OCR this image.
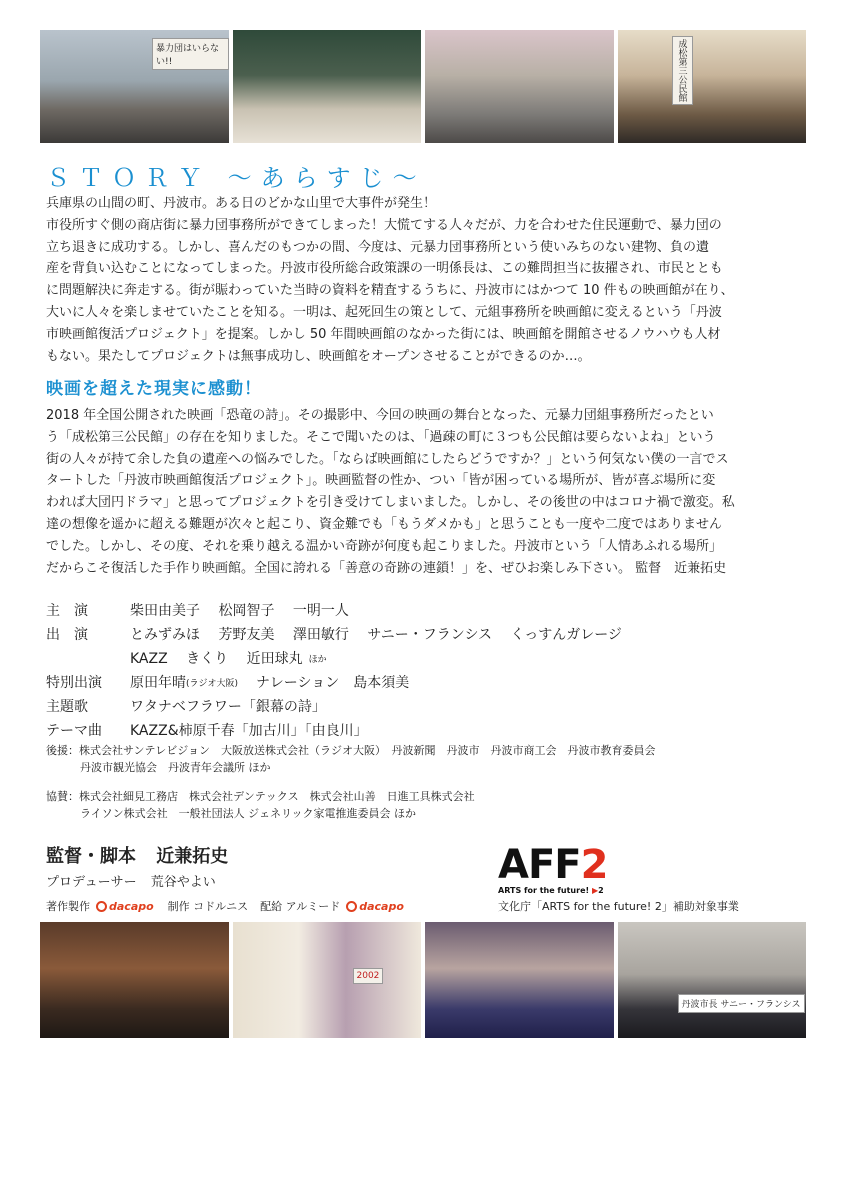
暴力団はいらない!!	成松第三公民館
ＳＴＯＲＹ ～あらすじ～
兵庫県の山間の町、丹波市。ある日のどかな山里で大事件が発生！
市役所すぐ側の商店街に暴力団事務所ができてしまった！大慌てする人々だが、力を合わせた住民運動で、暴力団の
立ち退きに成功する。しかし、喜んだのもつかの間、今度は、元暴力団事務所という使いみちのない建物、負の遺
産を背負い込むことになってしまった。丹波市役所総合政策課の一明係長は、この難問担当に抜擢され、市民ととも
に問題解決に奔走する。街が賑わっていた当時の資料を精査するうちに、丹波市にはかつて 10 件もの映画館が在り、
大いに人々を楽しませていたことを知る。一明は、起死回生の策として、元組事務所を映画館に変えるという「丹波
市映画館復活プロジェクト」を提案。しかし 50 年間映画館のなかった街には、映画館を開館させるノウハウも人材
もない。果たしてプロジェクトは無事成功し、映画館をオープンさせることができるのか…。
映画を超えた現実に感動！
2018 年全国公開された映画「恐竜の詩」。その撮影中、今回の映画の舞台となった、元暴力団組事務所だったとい
う「成松第三公民館」の存在を知りました。そこで聞いたのは、「過疎の町に３つも公民館は要らないよね」という
街の人々が持て余した負の遺産への悩みでした。「ならば映画館にしたらどうですか？」という何気ない僕の一言でス
タートした「丹波市映画館復活プロジェクト」。映画監督の性か、つい「皆が困っている場所が、皆が喜ぶ場所に変
われば大団円ドラマ」と思ってプロジェクトを引き受けてしまいました。しかし、その後世の中はコロナ禍で激変。私
達の想像を遥かに超える難題が次々と起こり、資金難でも「もうダメかも」と思うことも一度や二度ではありません
でした。しかし、その度、それを乗り越える温かい奇跡が何度も起こりました。丹波市という「人情あふれる場所」
だからこそ復活した手作り映画館。全国に誇れる「善意の奇跡の連鎖！」を、ぜひお楽しみ下さい。 監督　近兼拓史
主　演	柴田由美子 松岡智子 一明一人
出　演	とみずみほ 芳野友美 澤田敏行 サニー・フランシス くっすんガレージ
KAZZ きくり 近田球丸 ほか
特別出演	原田年晴 (ラジオ大阪) ナレーション　島本須美
主題歌	ワタナベフラワー「銀幕の詩」
テーマ曲	KAZZ&柿原千春「加古川」「由良川」
後援：株式会社サンテレビジョン　大阪放送株式会社（ラジオ大阪）　丹波新聞　丹波市　丹波市商工会　丹波市教育委員会
丹波市観光協会　丹波青年会議所 ほか
協賛：株式会社細見工務店　株式会社デンテックス　株式会社山善　日進工具株式会社
ライソン株式会社　一般社団法人 ジェネリック家電推進委員会 ほか
監督・脚本 近兼拓史
プロデューサー 荒谷やよい
著作製作 dacapo 制作 コドルニス 配給 アルミード dacapo
AFF2
ARTS for the future! ▶2
文化庁「ARTS for the future! 2」補助対象事業
2002
丹波市長 サニー・フランシス
